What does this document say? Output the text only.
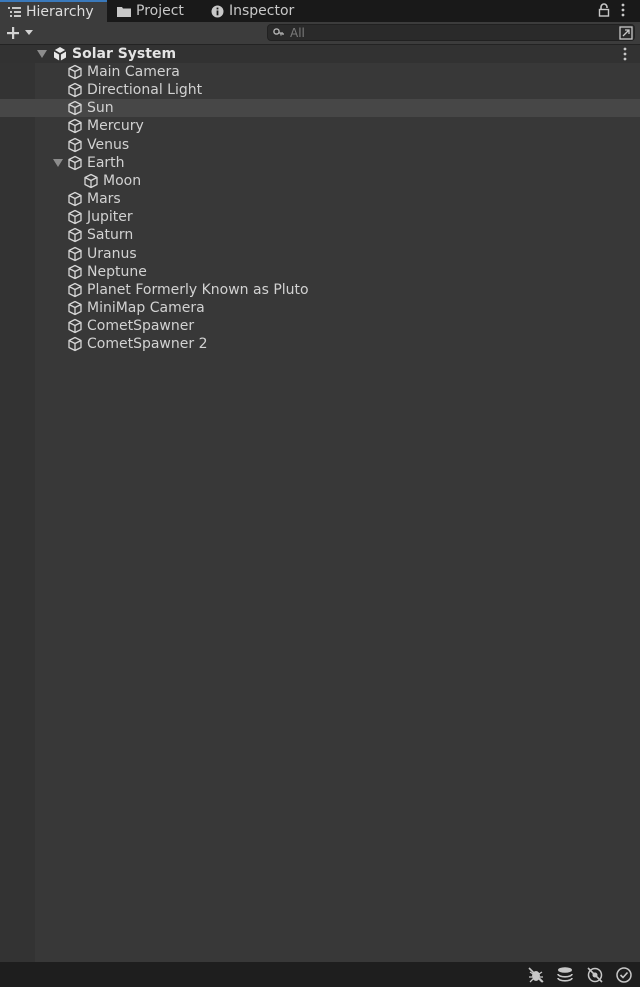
Hierarchy	Project	Inspector
All
Solar System
Main Camera
Directional Light
Sun
Mercury
Venus
Earth
Moon
Mars
Jupiter
Saturn
Uranus
Neptune
Planet Formerly Known as Pluto
MiniMap Camera
CometSpawner
CometSpawner 2
